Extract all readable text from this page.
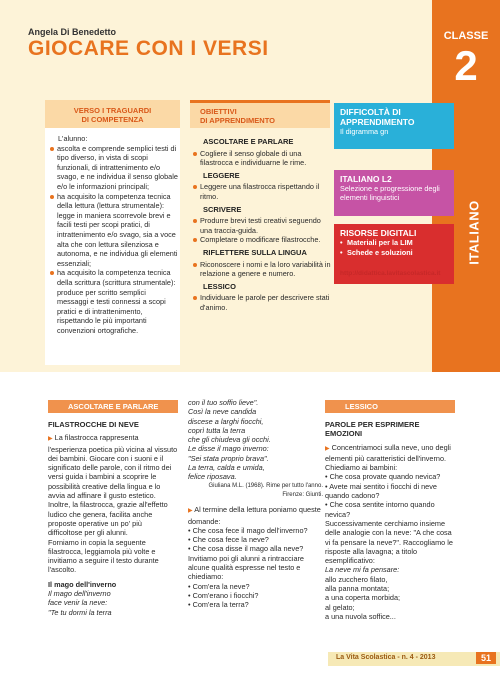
Angela Di Benedetto
GIOCARE CON I VERSI
CLASSE
2
ITALIANO
VERSO I TRAGUARDI
DI COMPETENZA
L'alunno:
ascolta e comprende semplici testi di tipo diverso, in vista di scopi funzionali, di intrattenimento e/o svago, e ne individua il senso globale e/o le informazioni principali;
ha acquisito la competenza tecnica della lettura (lettura strumentale): legge in maniera scorrevole brevi e facili testi per scopi pratici, di intrattenimento e/o svago, sia a voce alta che con lettura silenziosa e autonoma, e ne individua gli elementi essenziali;
ha acquisito la competenza tecnica della scrittura (scrittura strumentale): produce per scritto semplici messaggi e testi connessi a scopi pratici e di intrattenimento, rispettando le più importanti convenzioni ortografiche.
OBIETTIVI
DI APPRENDIMENTO
ASCOLTARE E PARLARE
Cogliere il senso globale di una filastrocca e individuarne le rime.
LEGGERE
Leggere una filastrocca rispettando il ritmo.
SCRIVERE
Produrre brevi testi creativi seguendo una traccia-guida.
Completare o modificare filastrocche.
RIFLETTERE SULLA LINGUA
Riconoscere i nomi e la loro variabilità in relazione a genere e numero.
LESSICO
Individuare le parole per descrivere stati d'animo.
DIFFICOLTÀ DI APPRENDIMENTO
Il digramma gn
ITALIANO L2
Selezione e progressione degli elementi linguistici
RISORSE DIGITALI
• Materiali per la LIM
• Schede e soluzioni
http://didattica.lavitascolastica.it
ASCOLTARE E PARLARE	LESSICO
FILASTROCCHE DI NEVE
▶ La filastrocca rappresenta l'esperienza poetica più vicina al vissuto dei bambini. Giocare con i suoni e il significato delle parole, con il ritmo dei versi guida i bambini a scoprire le possibilità creative della lingua e lo avvia ad affinare il gusto estetico. Inoltre, la filastrocca, grazie all'effetto ludico che genera, facilita anche proposte operative un po' più difficoltose per gli alunni.
Forniamo in copia la seguente filastrocca, leggiamola più volte e invitiamo a seguire il testo durante l'ascolto.
Il mago dell'inverno
Il mago dell'inverno
face venir la neve:
"Te tu dormi la terra
con il tuo soffio lieve".
Così la neve candida
discese a larghi fiocchi,
coprì tutta la terra
che gli chiudeva gli occhi.
Le disse il mago inverno:
"Sei stata proprio brava".
La terra, calda e umida,
felice riposava.
Giuliana M.L. (1968). Rime per tutto l'anno.
Firenze: Giunti.
▶ Al termine della lettura poniamo queste domande:
• Che cosa fece il mago dell'inverno?
• Che cosa fece la neve?
• Che cosa disse il mago alla neve?
Invitiamo poi gli alunni a rintracciare alcune qualità espresse nel testo e chiediamo:
• Com'era la neve?
• Com'erano i fiocchi?
• Com'era la terra?
PAROLE PER ESPRIMERE EMOZIONI
▶ Concentriamoci sulla neve, uno degli elementi più caratteristici dell'inverno. Chiediamo ai bambini:
• Che cosa provate quando nevica?
• Avete mai sentito i fiocchi di neve quando cadono?
• Che cosa sentite intorno quando nevica?
Successivamente cerchiamo insieme delle analogie con la neve: "A che cosa vi fa pensare la neve?". Raccogliamo le risposte alla lavagna; a titolo esemplificativo:
La neve mi fa pensare:
allo zucchero filato,
alla panna montata;
a una coperta morbida;
al gelato;
a una nuvola soffice...
La Vita Scolastica - n. 4 - 2013	51
